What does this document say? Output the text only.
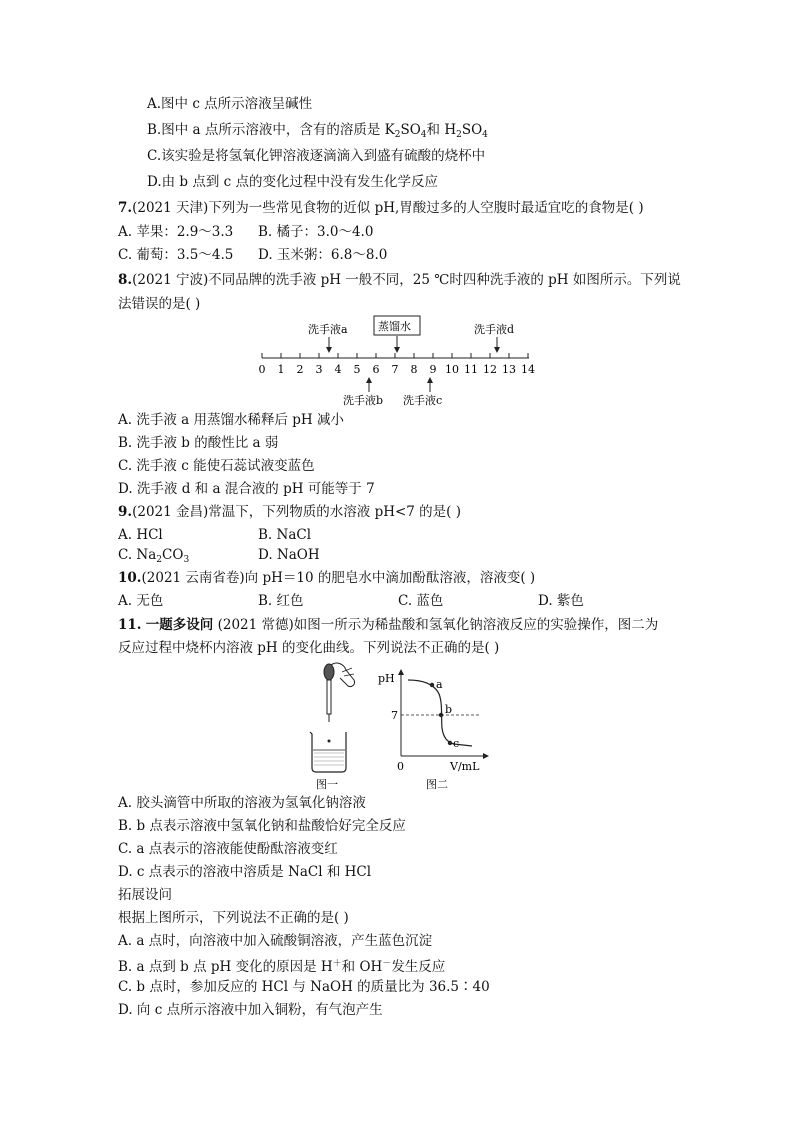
A.图中 c 点所示溶液呈碱性
B.图中 a 点所示溶液中，含有的溶质是 $K_2SO_4$和 $H_2SO_4$
C.该实验是将氢氧化钾溶液逐滴滴入到盛有硫酸的烧杯中
D.由 b 点到 c 点的变化过程中没有发生化学反应
7.(2021 天津)下列为一些常见食物的近似 pH,胃酸过多的人空腹时最适宜吃的食物是( )
A. 苹果：2.9～3.3 B. 橘子：3.0～4.0
C. 葡萄：3.5～4.5 D. 玉米粥：6.8～8.0
8.(2021 宁波)不同品牌的洗手液 pH 一般不同，25 ℃时四种洗手液的 pH 如图所示。下列说
法错误的是( )
0 1 2 3 4 5 6 7 8 9 10 11 12 13 14
洗手液a	蒸馏水	洗手液d
洗手液b 洗手液c
A. 洗手液 a 用蒸馏水稀释后 pH 减小
B. 洗手液 b 的酸性比 a 弱
C. 洗手液 c 能使石蕊试液变蓝色
D. 洗手液 d 和 a 混合液的 pH 可能等于 7
9.(2021 金昌)常温下，下列物质的水溶液 pH<7 的是( )
A. HCl	B. NaCl
C. $Na_2CO_3$	D. NaOH
10.(2021 云南省卷)向 pH＝10 的肥皂水中滴加酚酞溶液，溶液变( )
A. 无色	B. 红色	C. 蓝色	D. 紫色
11. 一题多设问 (2021 常德)如图一所示为稀盐酸和氢氧化钠溶液反应的实验操作，图二为
反应过程中烧杯内溶液 pH 的变化曲线。下列说法不正确的是( )
图一
pH
V/mL
0
7
a
b
c
图二
A. 胶头滴管中所取的溶液为氢氧化钠溶液
B. b 点表示溶液中氢氧化钠和盐酸恰好完全反应
C. a 点表示的溶液能使酚酞溶液变红
D. c 点表示的溶液中溶质是 NaCl 和 HCl
拓展设问
根据上图所示，下列说法不正确的是( )
A. a 点时，向溶液中加入硫酸铜溶液，产生蓝色沉淀
B. a 点到 b 点 pH 变化的原因是 H＋和 OH－发生反应
C. b 点时，参加反应的 HCl 与 NaOH 的质量比为 36.5∶40
D. 向 c 点所示溶液中加入铜粉，有气泡产生
